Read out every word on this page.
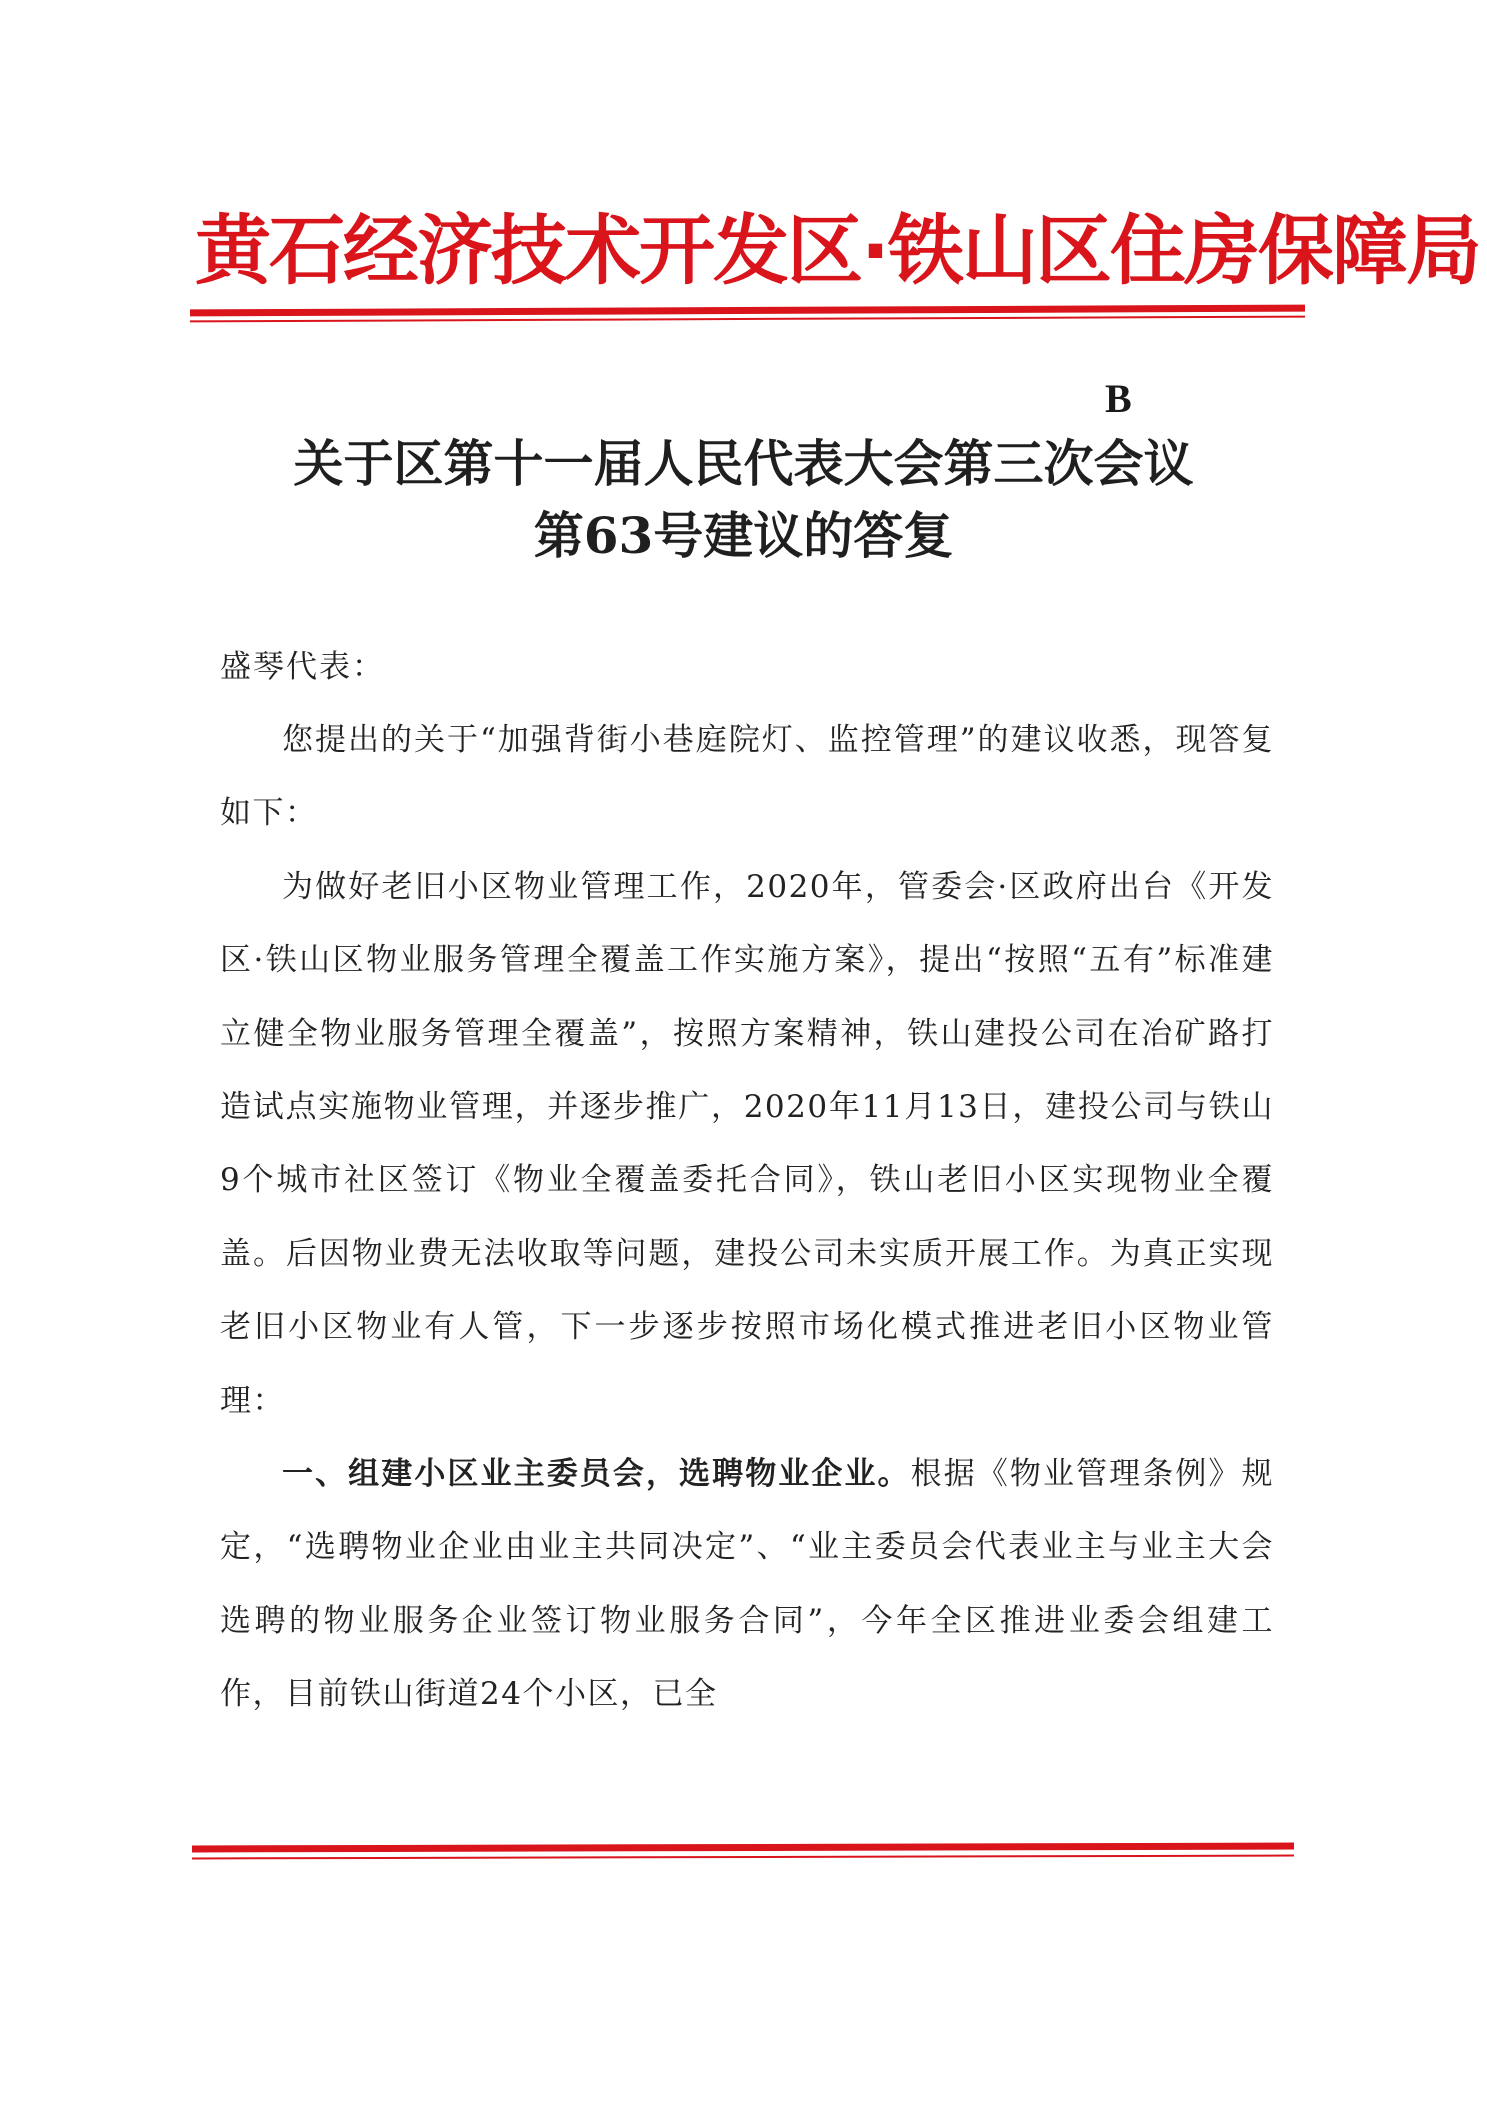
黄石经济技术开发区·铁山区住房保障局
B
关于区第十一届人民代表大会第三次会议
第63号建议的答复
盛琴代表：

您提出的关于“加强背街小巷庭院灯、监控管理”的建议收悉，现答复如下：

为做好老旧小区物业管理工作，2020年，管委会·区政府出台《开发区·铁山区物业服务管理全覆盖工作实施方案》，提出“按照“五有”标准建立健全物业服务管理全覆盖”，按照方案精神，铁山建投公司在冶矿路打造试点实施物业管理，并逐步推广，2020年11月13日，建投公司与铁山9个城市社区签订《物业全覆盖委托合同》，铁山老旧小区实现物业全覆盖。后因物业费无法收取等问题，建投公司未实质开展工作。为真正实现老旧小区物业有人管，下一步逐步按照市场化模式推进老旧小区物业管理：

一、组建小区业主委员会，选聘物业企业。根据《物业管理条例》规定，“选聘物业企业由业主共同决定”、“业主委员会代表业主与业主大会选聘的物业服务企业签订物业服务合同”，今年全区推进业委会组建工作，目前铁山街道24个小区，已全
